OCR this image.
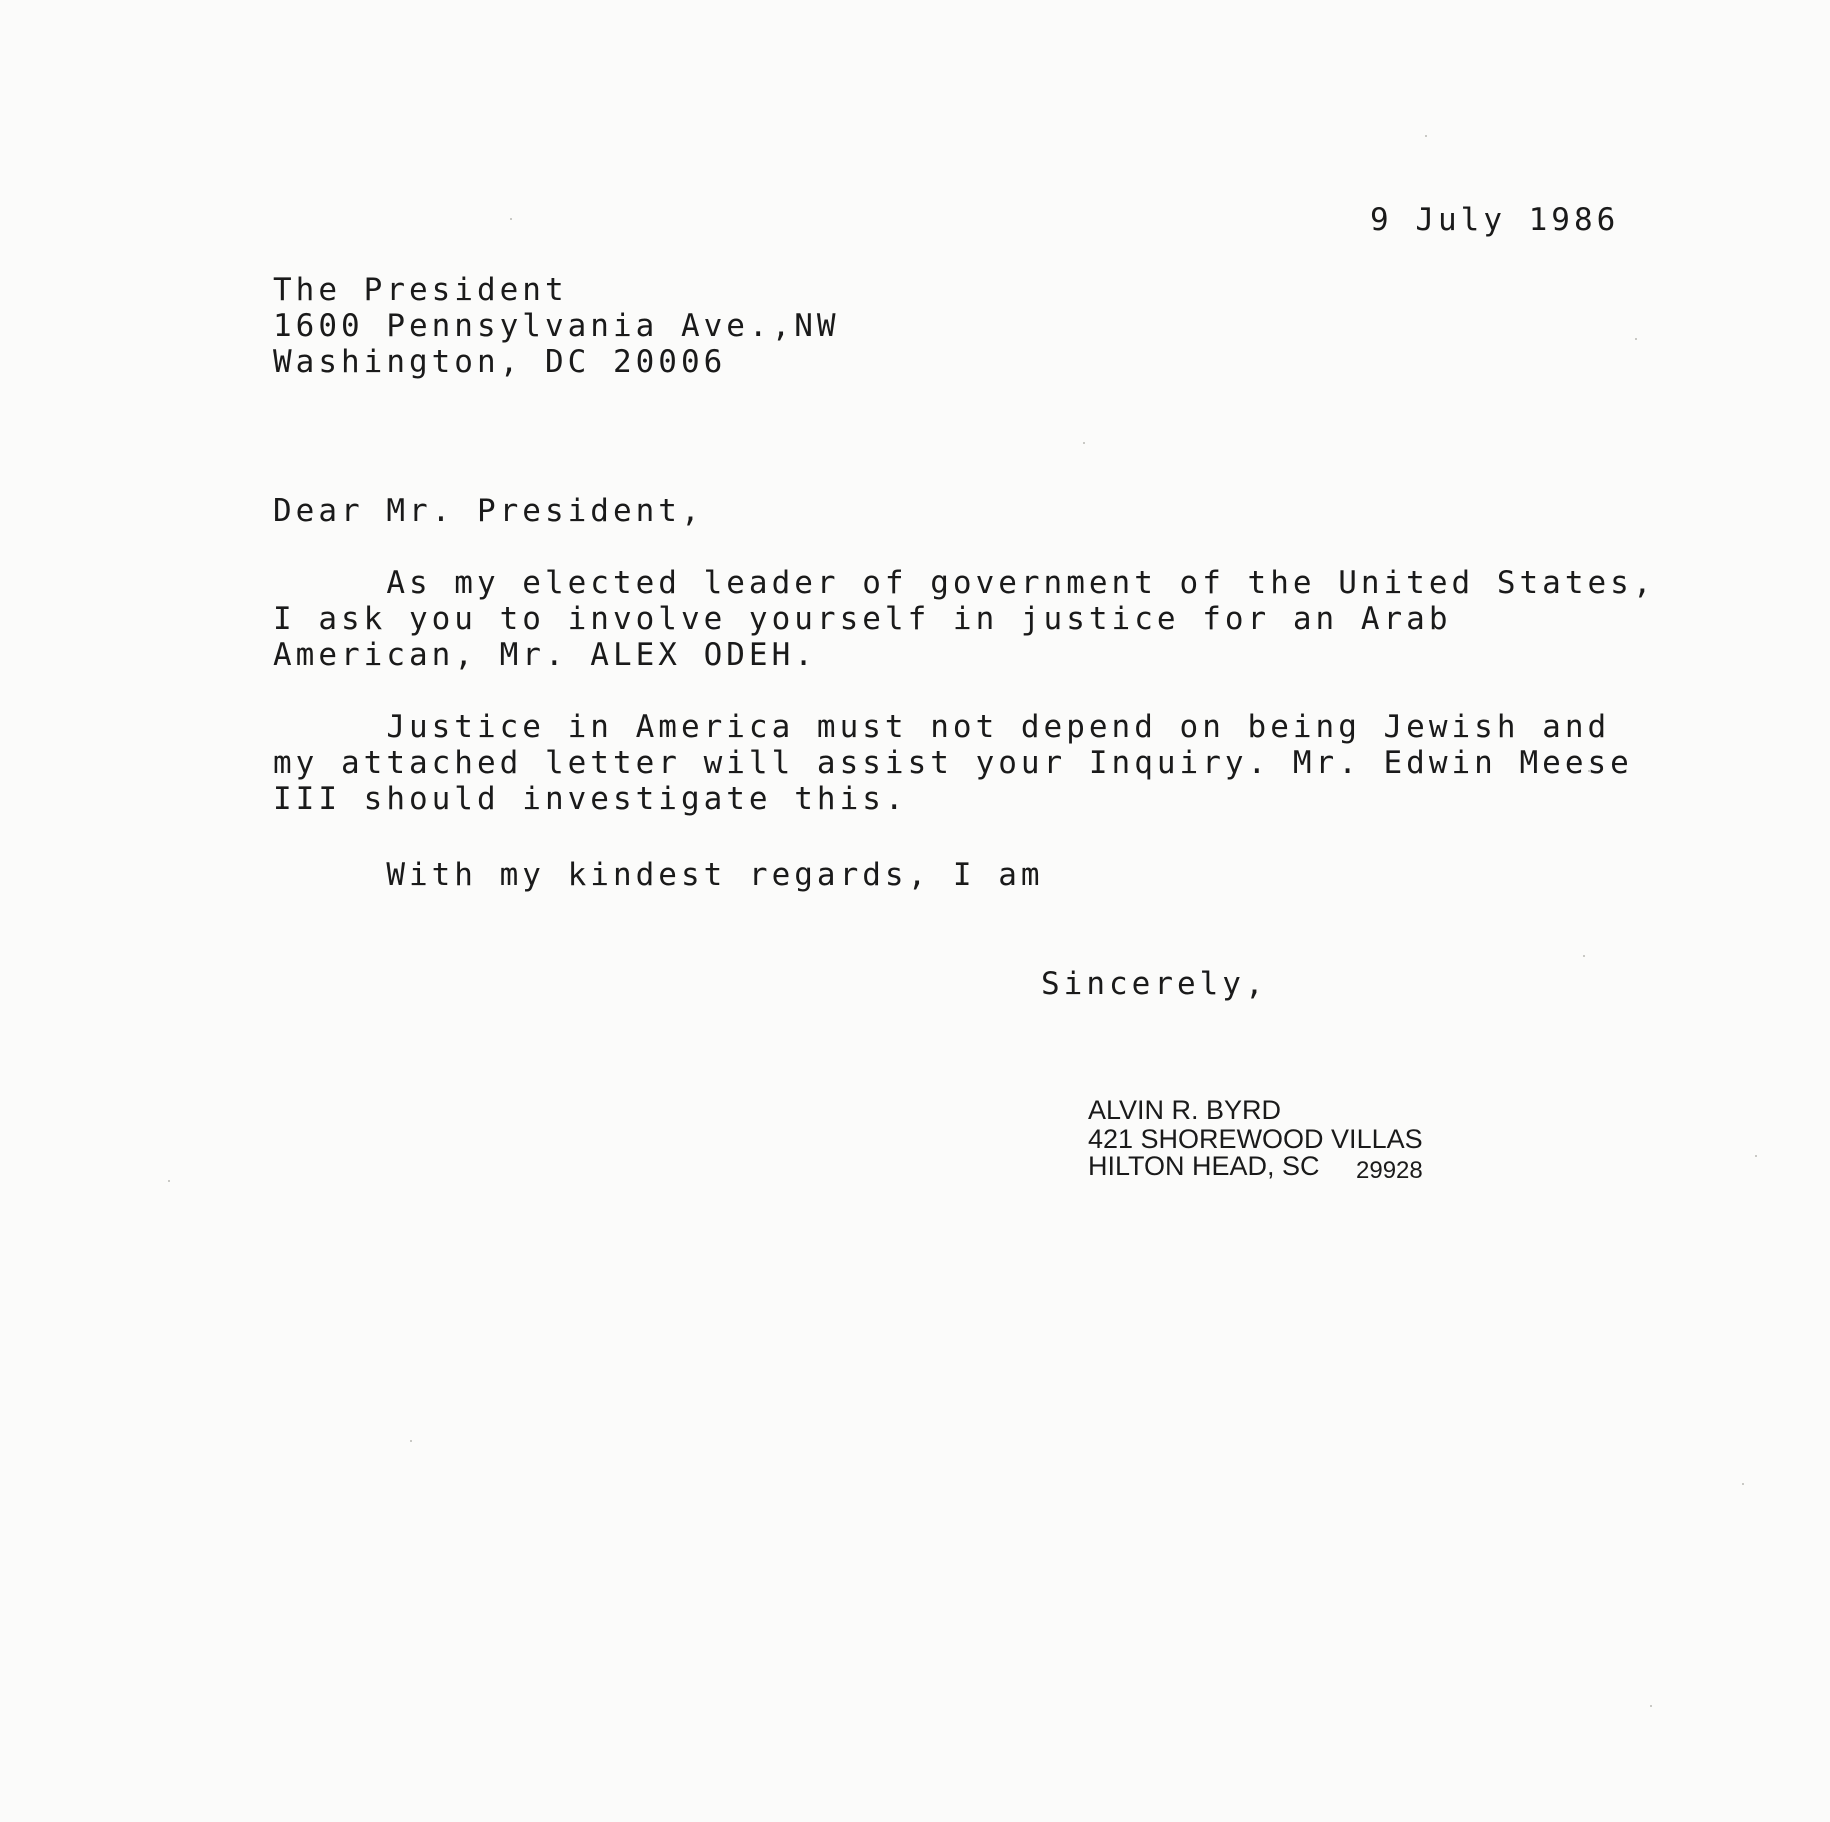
9 July 1986
The President
1600 Pennsylvania Ave.,NW
Washington, DC 20006
Dear Mr. President,
As my elected leader of government of the United States,
I ask you to involve yourself in justice for an Arab
American, Mr. ALEX ODEH.
Justice in America must not depend on being Jewish and
my attached letter will assist your Inquiry. Mr. Edwin Meese
III should investigate this.
With my kindest regards, I am
Sincerely,
ALVIN R. BYRD
421 SHOREWOOD VILLAS
HILTON HEAD, SC 29928
